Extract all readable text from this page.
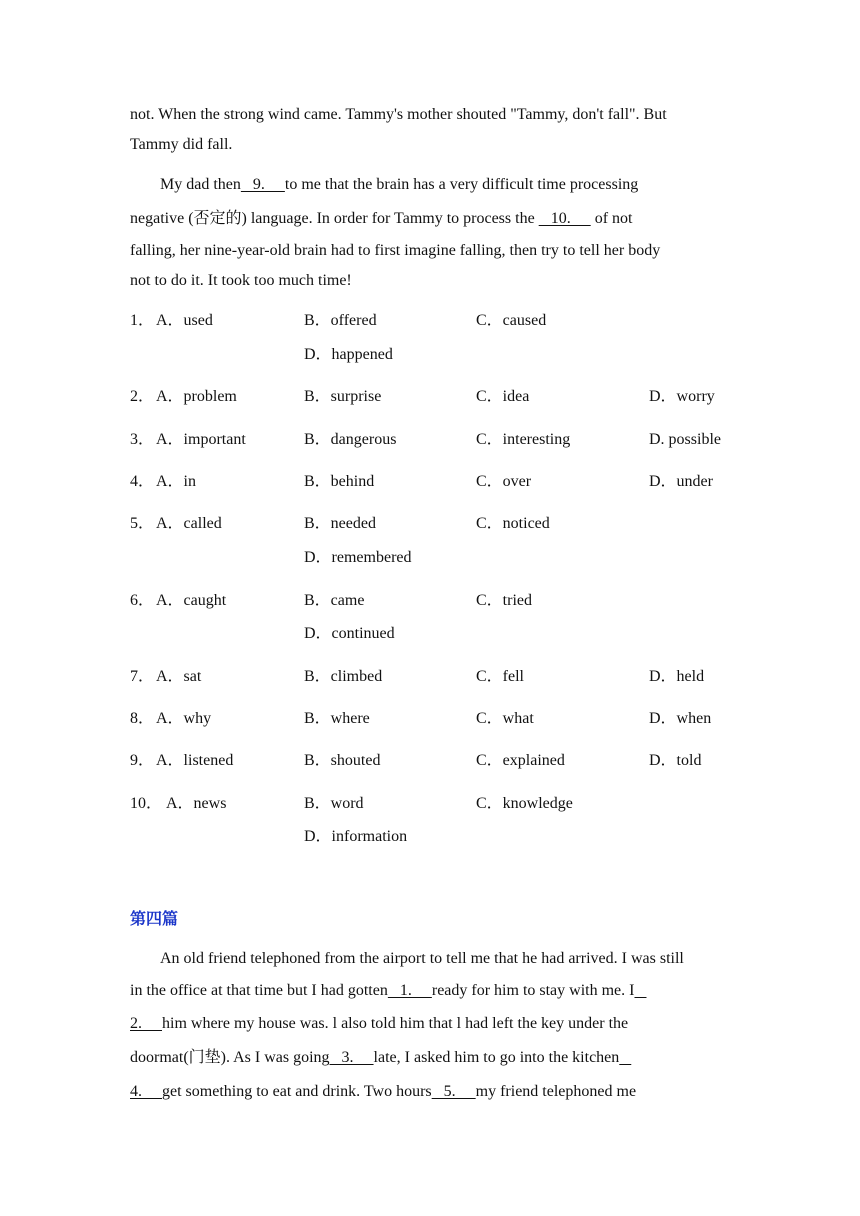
not. When the strong wind came. Tammy's mother shouted "Tammy, don't fall". But
Tammy did fall.
My dad then   9.     to me that the brain has a very difficult time processing
negative (否定的) language. In order for Tammy to process the    10.      of not
falling, her nine-year-old brain had to first imagine falling, then try to tell her body
not to do it. It took too much time!
1． A．used	B．offered	C．caused
D．happened
2． A．problem	B．surprise	C．idea	D．worry
3． A．important	B．dangerous	C．interesting	D. possible
4． A．in	B．behind	C．over	D．under
5． A．called	B．needed	C．noticed
D．remembered
6． A．caught	B．came	C．tried
D．continued
7． A．sat	B．climbed	C．fell	D．held
8． A．why	B．where	C．what	D．when
9． A．listened	B．shouted	C．explained	D．told
10． A．news	B．word	C．knowledge
D．information
第四篇
An old friend telephoned from the airport to tell me that he had arrived. I was still
in the office at that time but I had gotten   1.     ready for him to stay with me. I
2.     him where my house was. l also told him that l had left the key under the
doormat(门垫). As I was going   3.     late, I asked him to go into the kitchen
4.     get something to eat and drink. Two hours   5.     my friend telephoned me
